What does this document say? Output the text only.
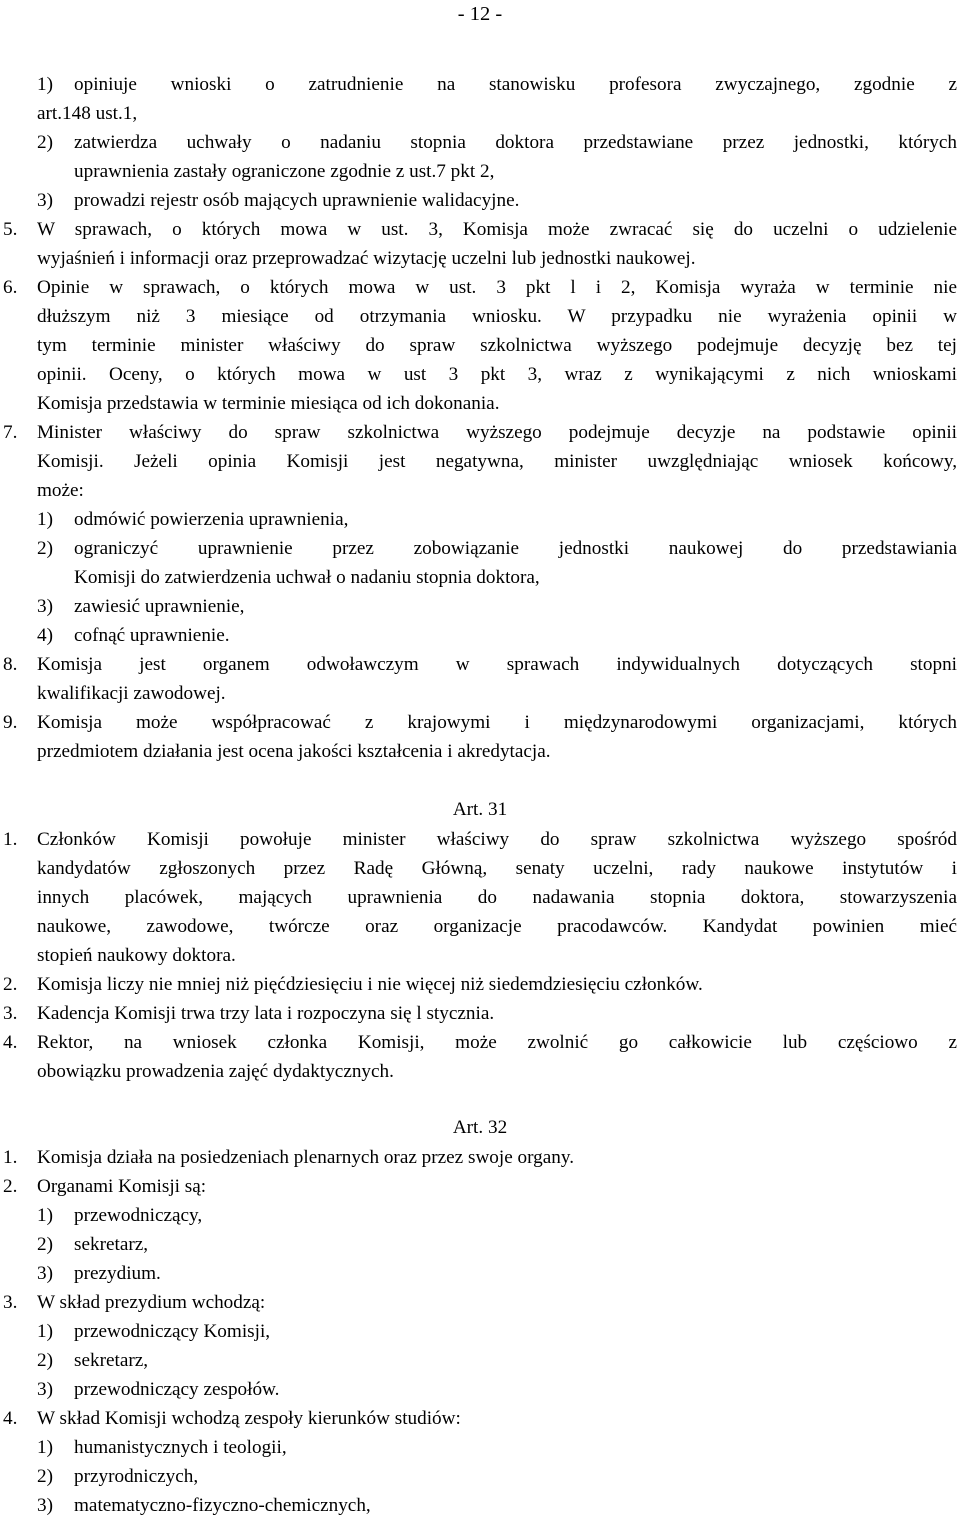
- 12 -
1) opiniuje wnioski o zatrudnienie na stanowisku profesora zwyczajnego, zgodnie z
art.148 ust.1,
2) zatwierdza uchwały o nadaniu stopnia doktora przedstawiane przez jednostki, których
uprawnienia zastały ograniczone zgodnie z ust.7 pkt 2,
3) prowadzi rejestr osób mających uprawnienie walidacyjne.
5. W sprawach, o których mowa w ust. 3, Komisja może zwracać się do uczelni o udzielenie
wyjaśnień i informacji oraz przeprowadzać wizytację uczelni lub jednostki naukowej.
6. Opinie w sprawach, o których mowa w ust. 3 pkt l i 2, Komisja wyraża w terminie nie
dłuższym niż 3 miesiące od otrzymania wniosku. W przypadku nie wyrażenia opinii w
tym terminie minister właściwy do spraw szkolnictwa wyższego podejmuje decyzję bez tej
opinii. Oceny, o których mowa w ust 3 pkt 3, wraz z wynikającymi z nich wnioskami
Komisja przedstawia w terminie miesiąca od ich dokonania.
7. Minister właściwy do spraw szkolnictwa wyższego podejmuje decyzje na podstawie opinii
Komisji. Jeżeli opinia Komisji jest negatywna, minister uwzględniając wniosek końcowy,
może:
1) odmówić powierzenia uprawnienia,
2) ograniczyć uprawnienie przez zobowiązanie jednostki naukowej do przedstawiania
Komisji do zatwierdzenia uchwał o nadaniu stopnia doktora,
3) zawiesić uprawnienie,
4) cofnąć uprawnienie.
8. Komisja jest organem odwoławczym w sprawach indywidualnych dotyczących stopni
kwalifikacji zawodowej.
9. Komisja może współpracować z krajowymi i międzynarodowymi organizacjami, których
przedmiotem działania jest ocena jakości kształcenia i akredytacja.
1. Członków Komisji powołuje minister właściwy do spraw szkolnictwa wyższego spośród
kandydatów zgłoszonych przez Radę Główną, senaty uczelni, rady naukowe instytutów i
innych placówek, mających uprawnienia do nadawania stopnia doktora, stowarzyszenia
naukowe, zawodowe, twórcze oraz organizacje pracodawców. Kandydat powinien mieć
stopień naukowy doktora.
2. Komisja liczy nie mniej niż pięćdziesięciu i nie więcej niż siedemdziesięciu członków.
3. Kadencja Komisji trwa trzy lata i rozpoczyna się l stycznia.
4. Rektor, na wniosek członka Komisji, może zwolnić go całkowicie lub częściowo z
obowiązku prowadzenia zajęć dydaktycznych.
1. Komisja działa na posiedzeniach plenarnych oraz przez swoje organy.
2. Organami Komisji są:
1) przewodniczący,
2) sekretarz,
3) prezydium.
3. W skład prezydium wchodzą:
1) przewodniczący Komisji,
2) sekretarz,
3) przewodniczący zespołów.
4. W skład Komisji wchodzą zespoły kierunków studiów:
1) humanistycznych i teologii,
2) przyrodniczych,
3) matematyczno-fizyczno-chemicznych,
Art. 31
Art. 32
